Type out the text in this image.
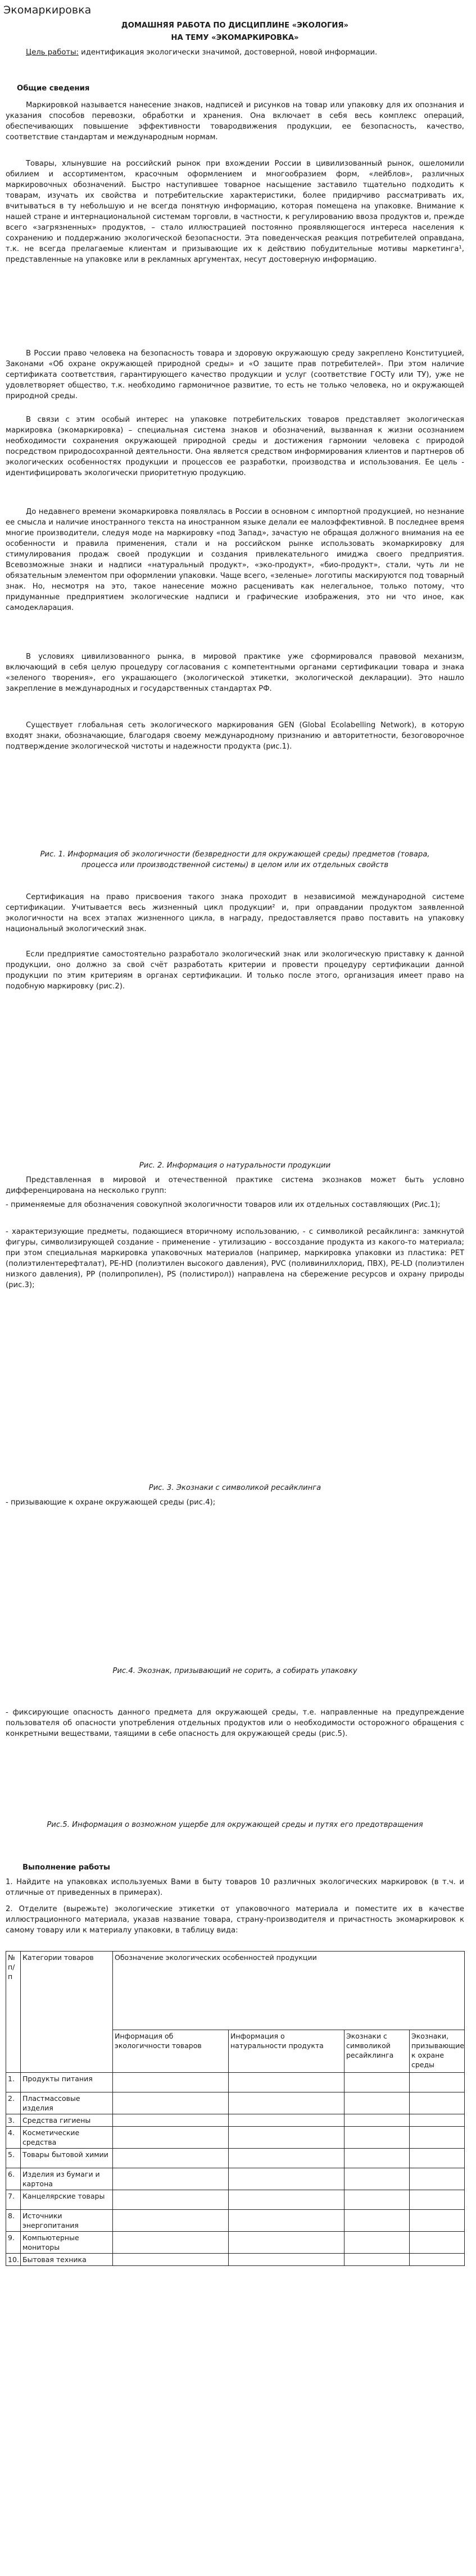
Экомаркировка
ДОМАШНЯЯ РАБОТА ПО ДИСЦИПЛИНЕ «ЭКОЛОГИЯ»
НА ТЕМУ «ЭКОМАРКИРОВКА»
Цель работы: идентификация экологически значимой, достоверной, новой информации.
Общие сведения
Маркировкой называется нанесение знаков, надписей и рисунков на товар или упаковку для их опознания и указания способов перевозки, обработки и хранения. Она включает в себя весь комплекс операций, обеспечивающих повышение эффективности товародвижения продукции, ее безопасность, качество, соответствие стандартам и международным нормам.
Товары, хлынувшие на российский рынок при вхождении России в цивилизованный рынок, ошеломили обилием и ассортиментом, красочным оформлением и многообразием форм, «лейблов», различных маркировочных обозначений. Быстро наступившее товарное насыщение заставило тщательно подходить к товарам, изучать их свойства и потребительские характеристики, более придирчиво рассматривать их, вчитываться в ту небольшую и не всегда понятную информацию, которая помещена на упаковке. Внимание к нашей стране и интернациональной системам торговли, в частности, к регулированию ввоза продуктов и, прежде всего «загрязненных» продуктов, – стало иллюстрацией постоянно проявляющегося интереса населения к сохранению и поддержанию экологической безопасности. Эта поведенческая реакция потребителей оправдана, т.к. не всегда прелагаемые клиентам и призывающие их к действию побудительные мотивы маркетинга¹, представленные на упаковке или в рекламных аргументах, несут достоверную информацию.
В России право человека на безопасность товара и здоровую окружающую среду закреплено Конституцией, Законами «Об охране окружающей природной среды» и «О защите прав потребителей». При этом наличие сертификата соответствия, гарантирующего качество продукции и услуг (соответствие ГОСТу или ТУ), уже не удовлетворяет общество, т.к. необходимо гармоничное развитие, то есть не только человека, но и окружающей природной среды.
В связи с этим особый интерес на упаковке потребительских товаров представляет экологическая маркировка (экомаркировка) – специальная система знаков и обозначений, вызванная к жизни осознанием необходимости сохранения окружающей природной среды и достижения гармонии человека с природой посредством природосохранной деятельности. Она является средством информирования клиентов и партнеров об экологических особенностях продукции и процессов ее разработки, производства и использования. Ее цель - идентифицировать экологически приоритетную продукцию.
До недавнего времени экомаркировка появлялась в России в основном с импортной продукцией, но незнание ее смысла и наличие инострaнного текста на иностранном языке делали ее малоэффективной. В последнее время многие производители, следуя моде на маркировку «под Запад», зачастую не обращая должного внимания на ее особенности и правила применения, стали и на российском рынке использовать экомаркировку для стимулирования продаж своей продукции и создания привлекательного имиджа своего предприятия. Всевозможные знаки и надписи «натуральный продукт», «эко-продукт», «био-продукт», стали, чуть ли не обязательным элементом при оформлении упаковки. Чаще всего, «зеленые» логотипы маскируются под товарный знак. Но, несмотря на это, такое нанесение можно расценивать как нелегальное, только потому, что придуманные предприятием экологические надписи и графические изображения, это ни что иное, как самодекларация.
В условиях цивилизованного рынка, в мировой практике уже сформировался правовой механизм, включающий в себя целую процедуру согласования с компетентными органами сертификации товара и знака «зеленого творения», его украшающего (экологической этикетки, экологической декларации). Это нашло закрепление в международных и государственных стандартах РФ.
Существует глобальная сеть экологического маркирования GEN (Global Ecolabelling Network), в которую входят знаки, обозначающие, благодаря своему международному признанию и авторитетности, безоговорочное подтверждение экологической чистоты и надежности продукта (рис.1).
Рис. 1. Информация об экологичности (безвредности для окружающей среды) предметов (товара, процесса или производственной системы) в целом или их отдельных свойств
Сертификация на право присвоения такого знака проходит в независимой международной системе сертификации. Учитывается весь жизненный цикл продукции² и, при оправдании продуктом заявленной экологичности на всех этапах жизненного цикла, в награду, предоставляется право поставить на упаковку национальный экологический знак.
Если предприятие самостоятельно разработало экологический знак или экологическую приставку к данной продукции, оно должно за свой счёт разработать критерии и провести процедуру сертификации данной продукции по этим критериям в органах сертификации. И только после этого, организация имеет право на подобную маркировку (рис.2).
Рис. 2. Информация о натуральности продукции
Представленная в мировой и отечественной практике система экознаков может быть условно дифференцирована на несколько групп:
- применяемые для обозначения совокупной экологичности товаров или их отдельных составляющих (Рис.1);
- характеризующие предметы, подающиеся вторичному использованию, - с символикой ресайклинга: замкнутой фигуры, символизирующей создание - применение - утилизацию - воссоздание продукта из какого-то материала; при этом специальная маркировка упаковочных материалов (например, маркировка упаковки из пластика: PET (полиэтилентерефталат), PE-HD (полиэтилен высокого давления), PVC (поливинилхлорид, ПВХ), PE-LD (полиэтилен низкого давления), PP (полипропилен), PS (полистирол)) направлена на сбережение ресурсов и охрану природы (рис.3);
Рис. 3. Экознаки с символикой ресайклинга
- призывающие к охране окружающей среды (рис.4);
Рис.4. Экознак, призывающий не сорить, а собирать упаковку
- фиксирующие опасность данного предмета для окружающей среды, т.е. направленные на предупреждение пользователя об опасности употребления отдельных продуктов или о необходимости осторожного обращения с конкретными веществами, таящими в себе опасность для окружающей среды (рис.5).
Рис.5. Информация о возможном ущербе для окружающей среды и путях его предотвращения
Выполнение работы
1. Найдите на упаковках используемых Вами в быту товаров 10 различных экологических маркировок (в т.ч. и отличные от приведенных в примерах).
2. Отделите (вырежьте) экологические этикетки от упаковочного материала и поместите их в качестве иллюстрационного материала, указав название товара, страну-производителя и причастность экомаркировок к самому товару или к материалу упаковки, в таблицу вида:
№ п/п	Категории товаров	Обозначение экологических особенностей продукции			
		Информация об экологичности товаров	Информация о натуральности продукта	Экознаки с символикой ресайклинга	Экознаки, призывающие к охране среды
1.	Продукты питания				
2.	Пластмассовые изделия				
3.	Средства гигиены				
4.	Косметические средства				
5.	Товары бытовой химии				
6.	Изделия из бумаги и картона				
7.	Канцелярские товары				
8.	Источники энергопитания				
9.	Компьютерные мониторы				
10.	Бытовая техника				
